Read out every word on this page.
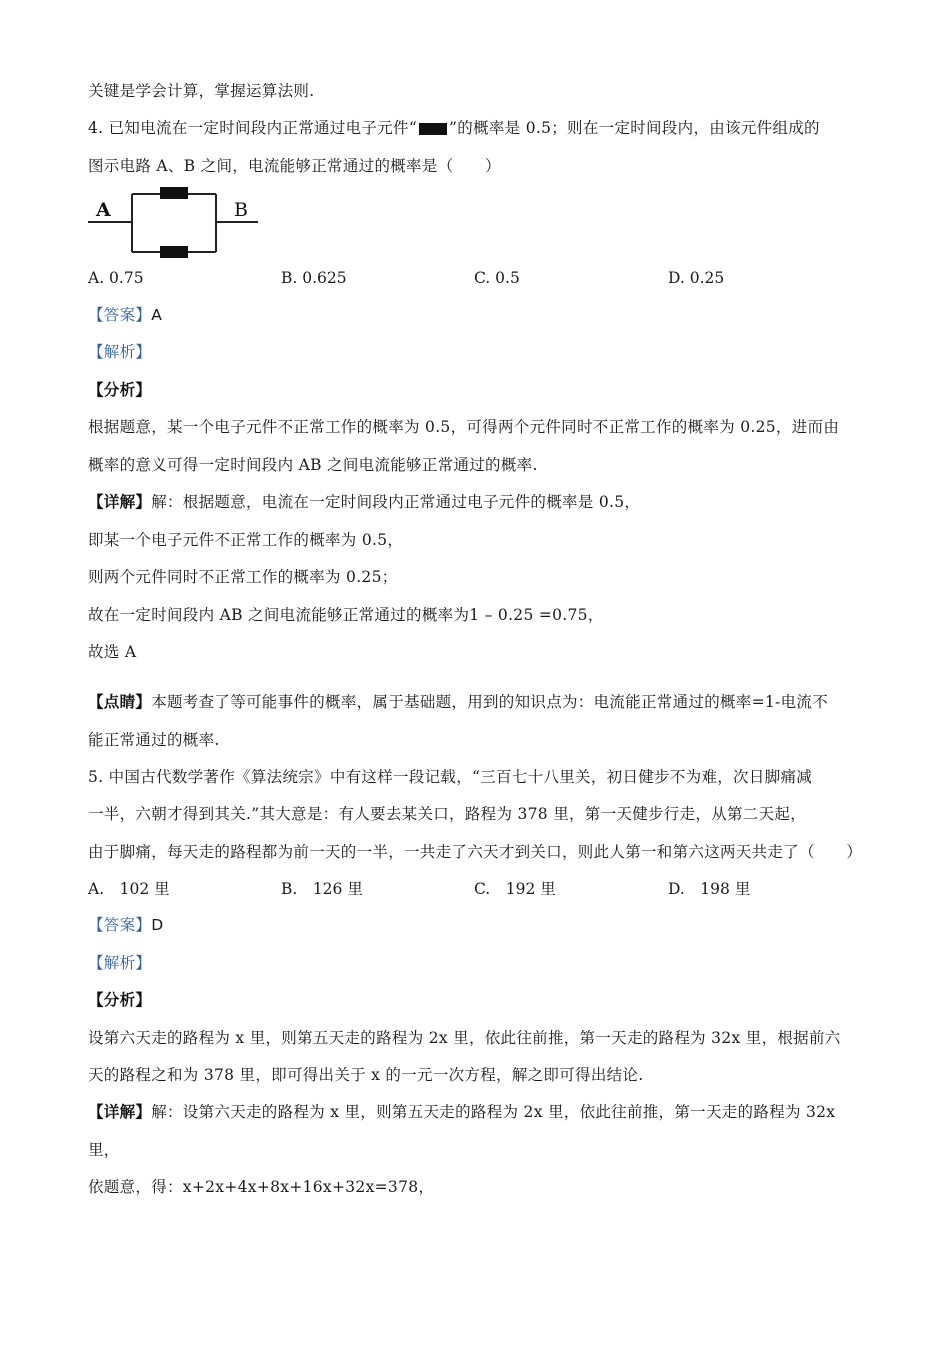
关键是学会计算，掌握运算法则.
4. 已知电流在一定时间段内正常通过电子元件“ ”的概率是 0.5；则在一定时间段内，由该元件组成的
图示电路 A、B 之间，电流能够正常通过的概率是（　　）
A	B
A. 0.75	B. 0.625	C. 0.5	D. 0.25
【答案】A
【解析】
【分析】
根据题意，某一个电子元件不正常工作的概率为 0.5，可得两个元件同时不正常工作的概率为 0.25，进而由
概率的意义可得一定时间段内 AB 之间电流能够正常通过的概率.
【详解】解：根据题意，电流在一定时间段内正常通过电子元件的概率是 0.5，
即某一个电子元件不正常工作的概率为 0.5，
则两个元件同时不正常工作的概率为 0.25；
故在一定时间段内 AB 之间电流能够正常通过的概率为1 – 0.25 =0.75，
故选 A
【点睛】本题考查了等可能事件的概率，属于基础题，用到的知识点为：电流能正常通过的概率=1-电流不
能正常通过的概率.
5. 中国古代数学著作《算法统宗》中有这样一段记载，“三百七十八里关，初日健步不为难，次日脚痛减
一半，六朝才得到其关.”其大意是：有人要去某关口，路程为 378 里，第一天健步行走，从第二天起，
由于脚痛，每天走的路程都为前一天的一半，一共走了六天才到关口，则此人第一和第六这两天共走了（　　）
A.　102 里	B.　126 里	C.　192 里	D.　198 里
【答案】D
【解析】
【分析】
设第六天走的路程为 x 里，则第五天走的路程为 2x 里，依此往前推，第一天走的路程为 32x 里，根据前六
天的路程之和为 378 里，即可得出关于 x 的一元一次方程，解之即可得出结论.
【详解】解：设第六天走的路程为 x 里，则第五天走的路程为 2x 里，依此往前推，第一天走的路程为 32x
里，
依题意，得：x+2x+4x+8x+16x+32x=378，
